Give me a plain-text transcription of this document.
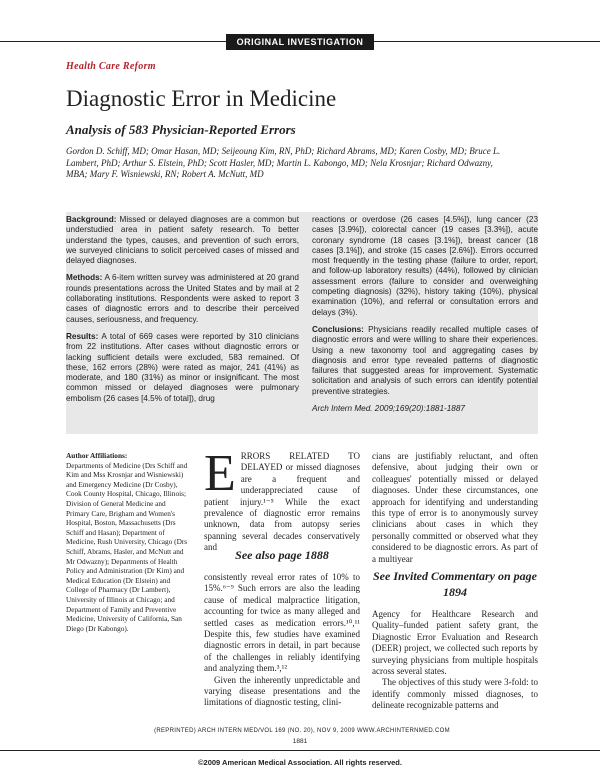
ORIGINAL INVESTIGATION
Health Care Reform
Diagnostic Error in Medicine
Analysis of 583 Physician-Reported Errors
Gordon D. Schiff, MD; Omar Hasan, MD; Seijeoung Kim, RN, PhD; Richard Abrams, MD; Karen Cosby, MD; Bruce L. Lambert, PhD; Arthur S. Elstein, PhD; Scott Hasler, MD; Martin L. Kabongo, MD; Nela Krosnjar; Richard Odwazny, MBA; Mary F. Wisniewski, RN; Robert A. McNutt, MD

Background: Missed or delayed diagnoses are a common but understudied area in patient safety research. To better understand the types, causes, and prevention of such errors, we surveyed clinicians to solicit perceived cases of missed and delayed diagnoses.

Methods: A 6-item written survey was administered at 20 grand rounds presentations across the United States and by mail at 2 collaborating institutions. Respondents were asked to report 3 cases of diagnostic errors and to describe their perceived causes, seriousness, and frequency.

Results: A total of 669 cases were reported by 310 clinicians from 22 institutions. After cases without diagnostic errors or lacking sufficient details were excluded, 583 remained. Of these, 162 errors (28%) were rated as major, 241 (41%) as moderate, and 180 (31%) as minor or insignificant. The most common missed or delayed diagnoses were pulmonary embolism (26 cases [4.5% of total]), drug

reactions or overdose (26 cases [4.5%]), lung cancer (23 cases [3.9%]), colorectal cancer (19 cases [3.3%]), acute coronary syndrome (18 cases [3.1%]), breast cancer (18 cases [3.1%]), and stroke (15 cases [2.6%]). Errors occurred most frequently in the testing phase (failure to order, report, and follow-up laboratory results) (44%), followed by clinician assessment errors (failure to consider and overweighing competing diagnosis) (32%), history taking (10%), physical examination (10%), and referral or consultation errors and delays (3%).

Conclusions: Physicians readily recalled multiple cases of diagnostic errors and were willing to share their experiences. Using a new taxonomy tool and aggregating cases by diagnosis and error type revealed patterns of diagnostic failures that suggested areas for improvement. Systematic solicitation and analysis of such errors can identify potential preventive strategies.

Arch Intern Med. 2009;169(20):1881-1887

Author Affiliations:
Departments of Medicine (Drs Schiff and Kim and Mss Krosnjar and Wisniewski) and Emergency Medicine (Dr Cosby), Cook County Hospital, Chicago, Illinois; Division of General Medicine and Primary Care, Brigham and Women's Hospital, Boston, Massachusetts (Drs Schiff and Hasan); Department of Medicine, Rush University, Chicago (Drs Schiff, Abrams, Hasler, and McNutt and Mr Odwazny); Departments of Health Policy and Administration (Dr Kim) and Medical Education (Dr Elstein) and College of Pharmacy (Dr Lambert), University of Illinois at Chicago; and Department of Family and Preventive Medicine, University of California, San Diego (Dr Kabongo).

ERRORS RELATED TO DELAYED or missed diagnoses are a frequent and underappreciated cause of patient injury.¹⁻⁵ While the exact prevalence of diagnostic error remains unknown, data from autopsy series spanning several decades conservatively and

See also page 1888

consistently reveal error rates of 10% to 15%.⁶⁻⁹ Such errors are also the leading cause of medical malpractice litigation, accounting for twice as many alleged and settled cases as medication errors.¹⁰,¹¹ Despite this, few studies have examined diagnostic errors in detail, in part because of the challenges in reliably identifying and analyzing them.³,¹²

Given the inherently unpredictable and varying disease presentations and the limitations of diagnostic testing, clini-

cians are justifiably reluctant, and often defensive, about judging their own or colleagues' potentially missed or delayed diagnoses. Under these circumstances, one approach for identifying and understanding this type of error is to anonymously survey clinicians about cases in which they personally committed or observed what they considered to be diagnostic errors. As part of a multiyear

See Invited Commentary on page 1894

Agency for Healthcare Research and Quality–funded patient safety grant, the Diagnostic Error Evaluation and Research (DEER) project, we collected such reports by surveying physicians from multiple hospitals across several states.

The objectives of this study were 3-fold: to identify commonly missed diagnoses, to delineate recognizable patterns and

(REPRINTED) ARCH INTERN MED/VOL 169 (NO. 20), NOV 9, 2009 WWW.ARCHINTERNMED.COM
1881
©2009 American Medical Association. All rights reserved.
